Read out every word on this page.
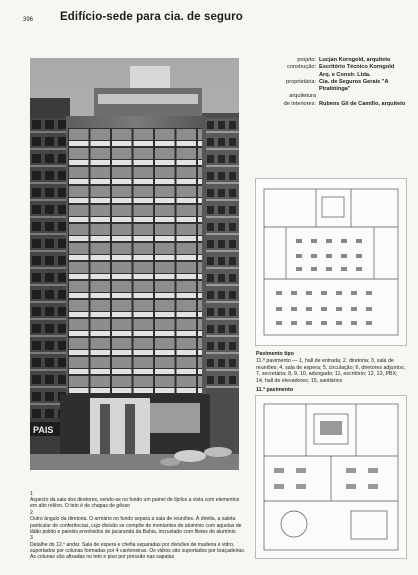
396 Edifício-sede para cia. de seguro
PAIS
projeto: Lucjan Korngold, arquiteto
construção: Escritório Técnico Korngold
Arq. e Constr. Ltda.
proprietária: Cia. de Seguros Gerais "A Piratininga"
arquitetura
de interiores: Rubens Gil de Camillo, arquiteto
Pavimento tipo
11.º pavimento — 1, hall de entrada; 2, diretoria; 3, sala de reuniões; 4, sala de espera; 5, circulação; 6, diretores adjuntos; 7, secretária; 8, 9, 10, advogado; 11, escritório; 12, 13, PBX; 14, hall de elevadores; 15, sanitários
11.º pavimento
1
Aspecto da sala dos diretores, vendo-se no fundo um painel de tijolos a vista com elementos em alto relêvo. O teto é de chapas de gêsso
2
Outro ângulo da diretoria. O armário no fundo separa a sala de reuniões. À direita, a saleta particular de conferências, cujo divisão se compõe de montantes de alumínio com aquelas de lâtão polido e painéis envolvidos de jacarandá da Bahia, incrustado com filetes de alumínio
3
Detalhe do 12.º andar. Sala de espera e chefia separadas por divisões de madeira e vidro, suportados por colunas formadas por 4 cantoneiras. Os vidros são suportados por braçadeiras. As colunas são afixadas no teto e piso por pressão nas sapatas
